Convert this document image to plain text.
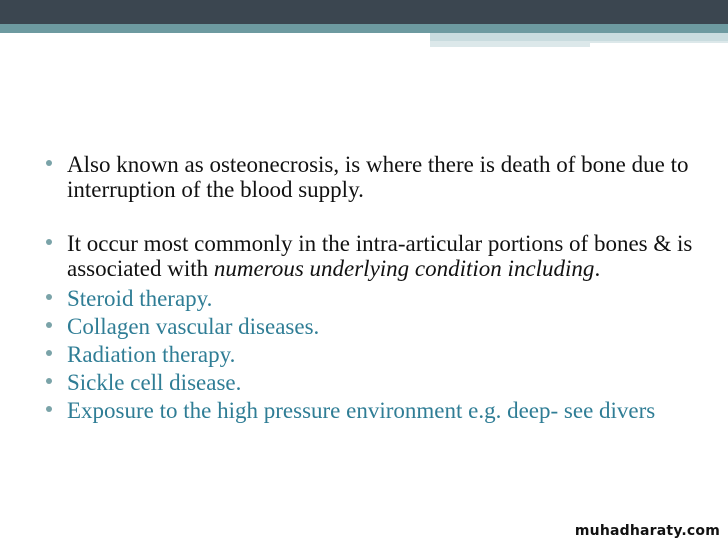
Also known as osteonecrosis, is where there is death of bone due to interruption of the blood supply.
It occur most commonly in the intra-articular portions of bones & is associated with numerous underlying condition including.
Steroid therapy.
Collagen vascular diseases.
Radiation therapy.
Sickle cell disease.
Exposure to the high pressure environment e.g. deep- see divers
muhadharaty.com
